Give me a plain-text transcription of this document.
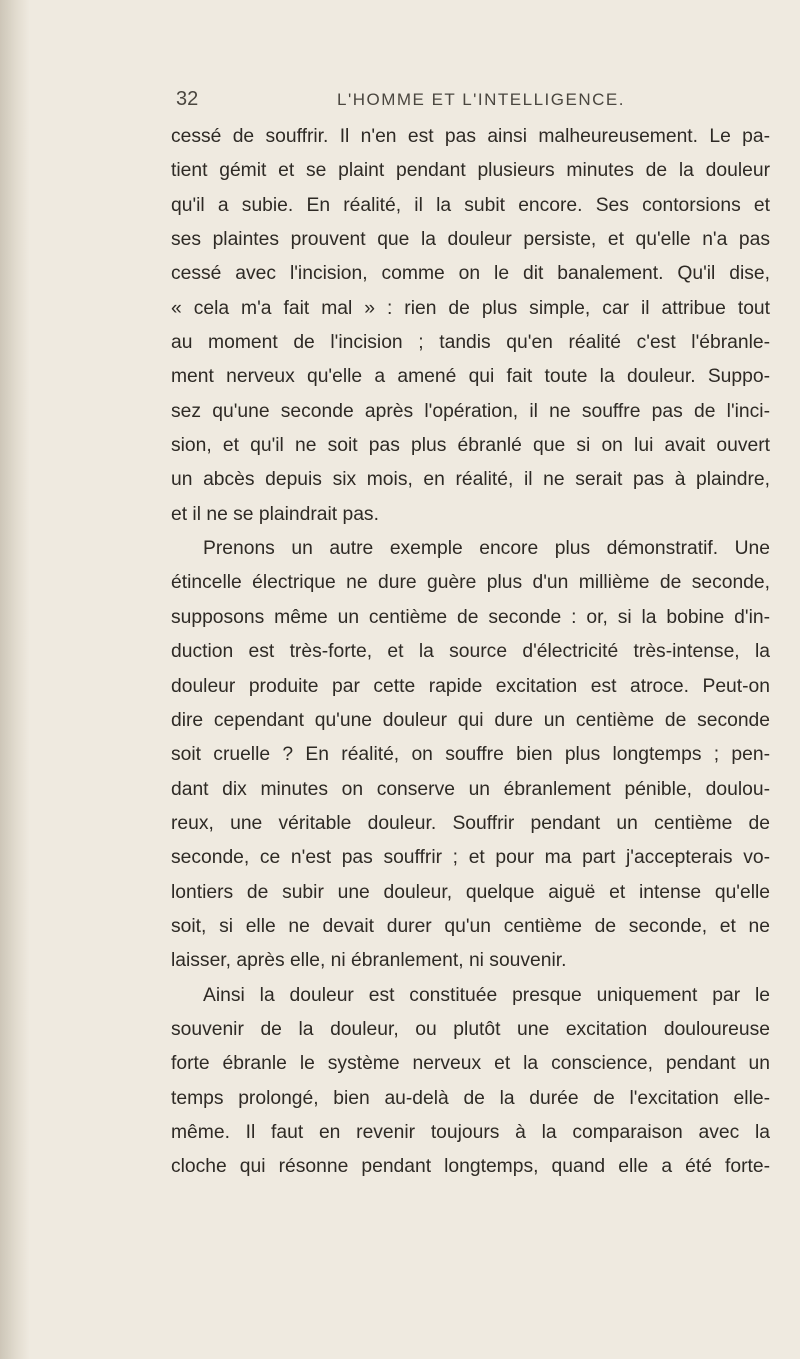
32	L'HOMME ET L'INTELLIGENCE.
cessé de souffrir. Il n'en est pas ainsi malheureusement. Le pa-
tient gémit et se plaint pendant plusieurs minutes de la douleur
qu'il a subie. En réalité, il la subit encore. Ses contorsions et
ses plaintes prouvent que la douleur persiste, et qu'elle n'a pas
cessé avec l'incision, comme on le dit banalement. Qu'il dise,
« cela m'a fait mal » : rien de plus simple, car il attribue tout
au moment de l'incision ; tandis qu'en réalité c'est l'ébranle-
ment nerveux qu'elle a amené qui fait toute la douleur. Suppo-
sez qu'une seconde après l'opération, il ne souffre pas de l'inci-
sion, et qu'il ne soit pas plus ébranlé que si on lui avait ouvert
un abcès depuis six mois, en réalité, il ne serait pas à plaindre,
et il ne se plaindrait pas.
Prenons un autre exemple encore plus démonstratif. Une
étincelle électrique ne dure guère plus d'un millième de seconde,
supposons même un centième de seconde : or, si la bobine d'in-
duction est très-forte, et la source d'électricité très-intense, la
douleur produite par cette rapide excitation est atroce. Peut-on
dire cependant qu'une douleur qui dure un centième de seconde
soit cruelle ? En réalité, on souffre bien plus longtemps ; pen-
dant dix minutes on conserve un ébranlement pénible, doulou-
reux, une véritable douleur. Souffrir pendant un centième de
seconde, ce n'est pas souffrir ; et pour ma part j'accepterais vo-
lontiers de subir une douleur, quelque aiguë et intense qu'elle
soit, si elle ne devait durer qu'un centième de seconde, et ne
laisser, après elle, ni ébranlement, ni souvenir.
Ainsi la douleur est constituée presque uniquement par le
souvenir de la douleur, ou plutôt une excitation douloureuse
forte ébranle le système nerveux et la conscience, pendant un
temps prolongé, bien au-delà de la durée de l'excitation elle-
même. Il faut en revenir toujours à la comparaison avec la
cloche qui résonne pendant longtemps, quand elle a été forte-
